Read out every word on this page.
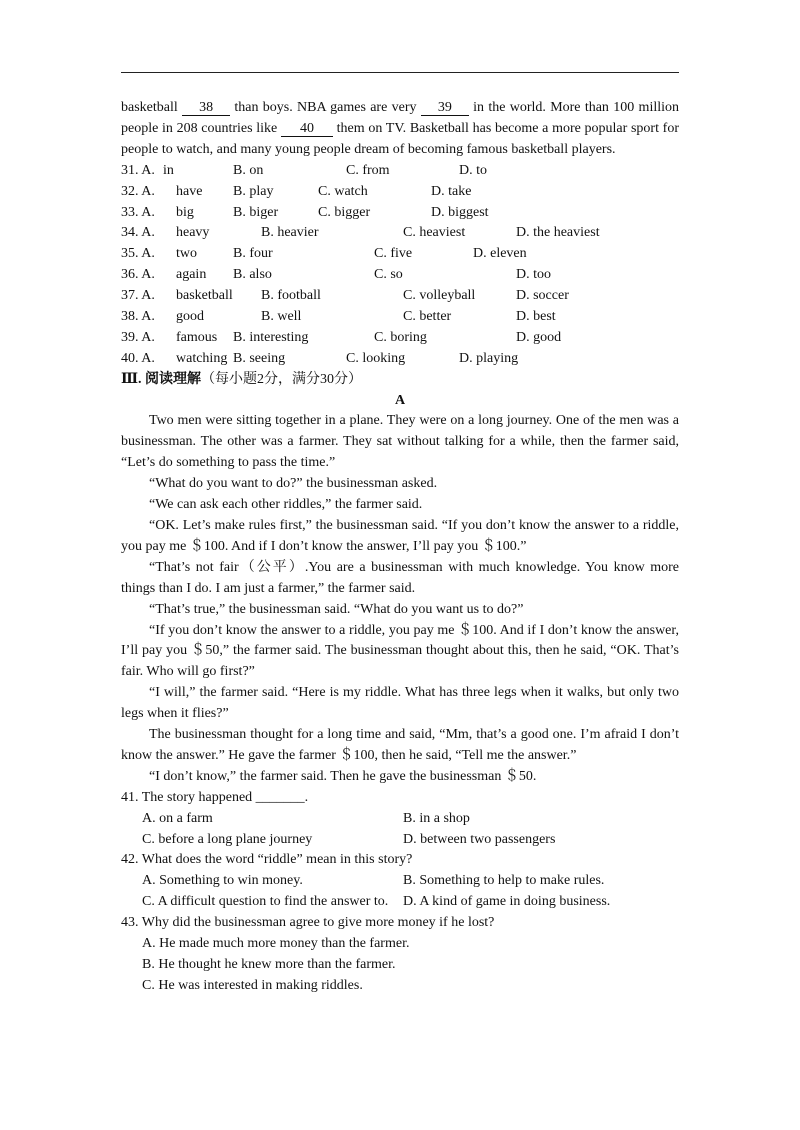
basketball 38 than boys. NBA games are very 39 in the world. More than 100 million people in 208 countries like 40 them on TV. Basketball has become a more popular sport for people to watch, and many young people dream of becoming famous basketball players.

31. A. in	B. on	C. from	D. to
32. A. have B. play	C. watch	D. take
33. A. big	B. biger	C. bigger	D. biggest
34. A. heavy	B. heavier	C. heaviest	D. the heaviest
35. A. two	B. four	C. five	D. eleven
36. A. again B. also	C. so	D. too
37. A. basketball B. football	C. volleyball	D. soccer
38. A. good	B. well	C. better	D. best
39. A. famous B. interesting	C. boring	D. good
40. A. watching B. seeing	C. looking	D. playing
Ⅲ. 阅读理解（每小题2分，满分30分）
A

Two men were sitting together in a plane. They were on a long journey. One of the men was a businessman. The other was a farmer. They sat without talking for a while, then the farmer said, “Let’s do something to pass the time.”

“What do you want to do?” the businessman asked.

“We can ask each other riddles,” the farmer said.

“OK. Let’s make rules first,” the businessman said. “If you don’t know the answer to a riddle, you pay me ＄100. And if I don’t know the answer, I’ll pay you ＄100.”

“That’s not fair（公平）.You are a businessman with much knowledge. You know more things than I do. I am just a farmer,” the farmer said.

“That’s true,” the businessman said. “What do you want us to do?”

“If you don’t know the answer to a riddle, you pay me ＄100. And if I don’t know the answer, I’ll pay you ＄50,” the farmer said. The businessman thought about this, then he said, “OK. That’s fair. Who will go first?”

“I will,” the farmer said. “Here is my riddle. What has three legs when it walks, but only two legs when it flies?”

The businessman thought for a long time and said, “Mm, that’s a good one. I’m afraid I don’t know the answer.” He gave the farmer ＄100, then he said, “Tell me the answer.”

“I don’t know,” the farmer said. Then he gave the businessman ＄50.

41. The story happened _______.
A. on a farm	B. in a shop
C. before a long plane journey	D. between two passengers
42. What does the word “riddle” mean in this story?
A. Something to win money.	B. Something to help to make rules.
C. A difficult question to find the answer to. D. A kind of game in doing business.
43. Why did the businessman agree to give more money if he lost?
A. He made much more money than the farmer.
B. He thought he knew more than the farmer.
C. He was interested in making riddles.
